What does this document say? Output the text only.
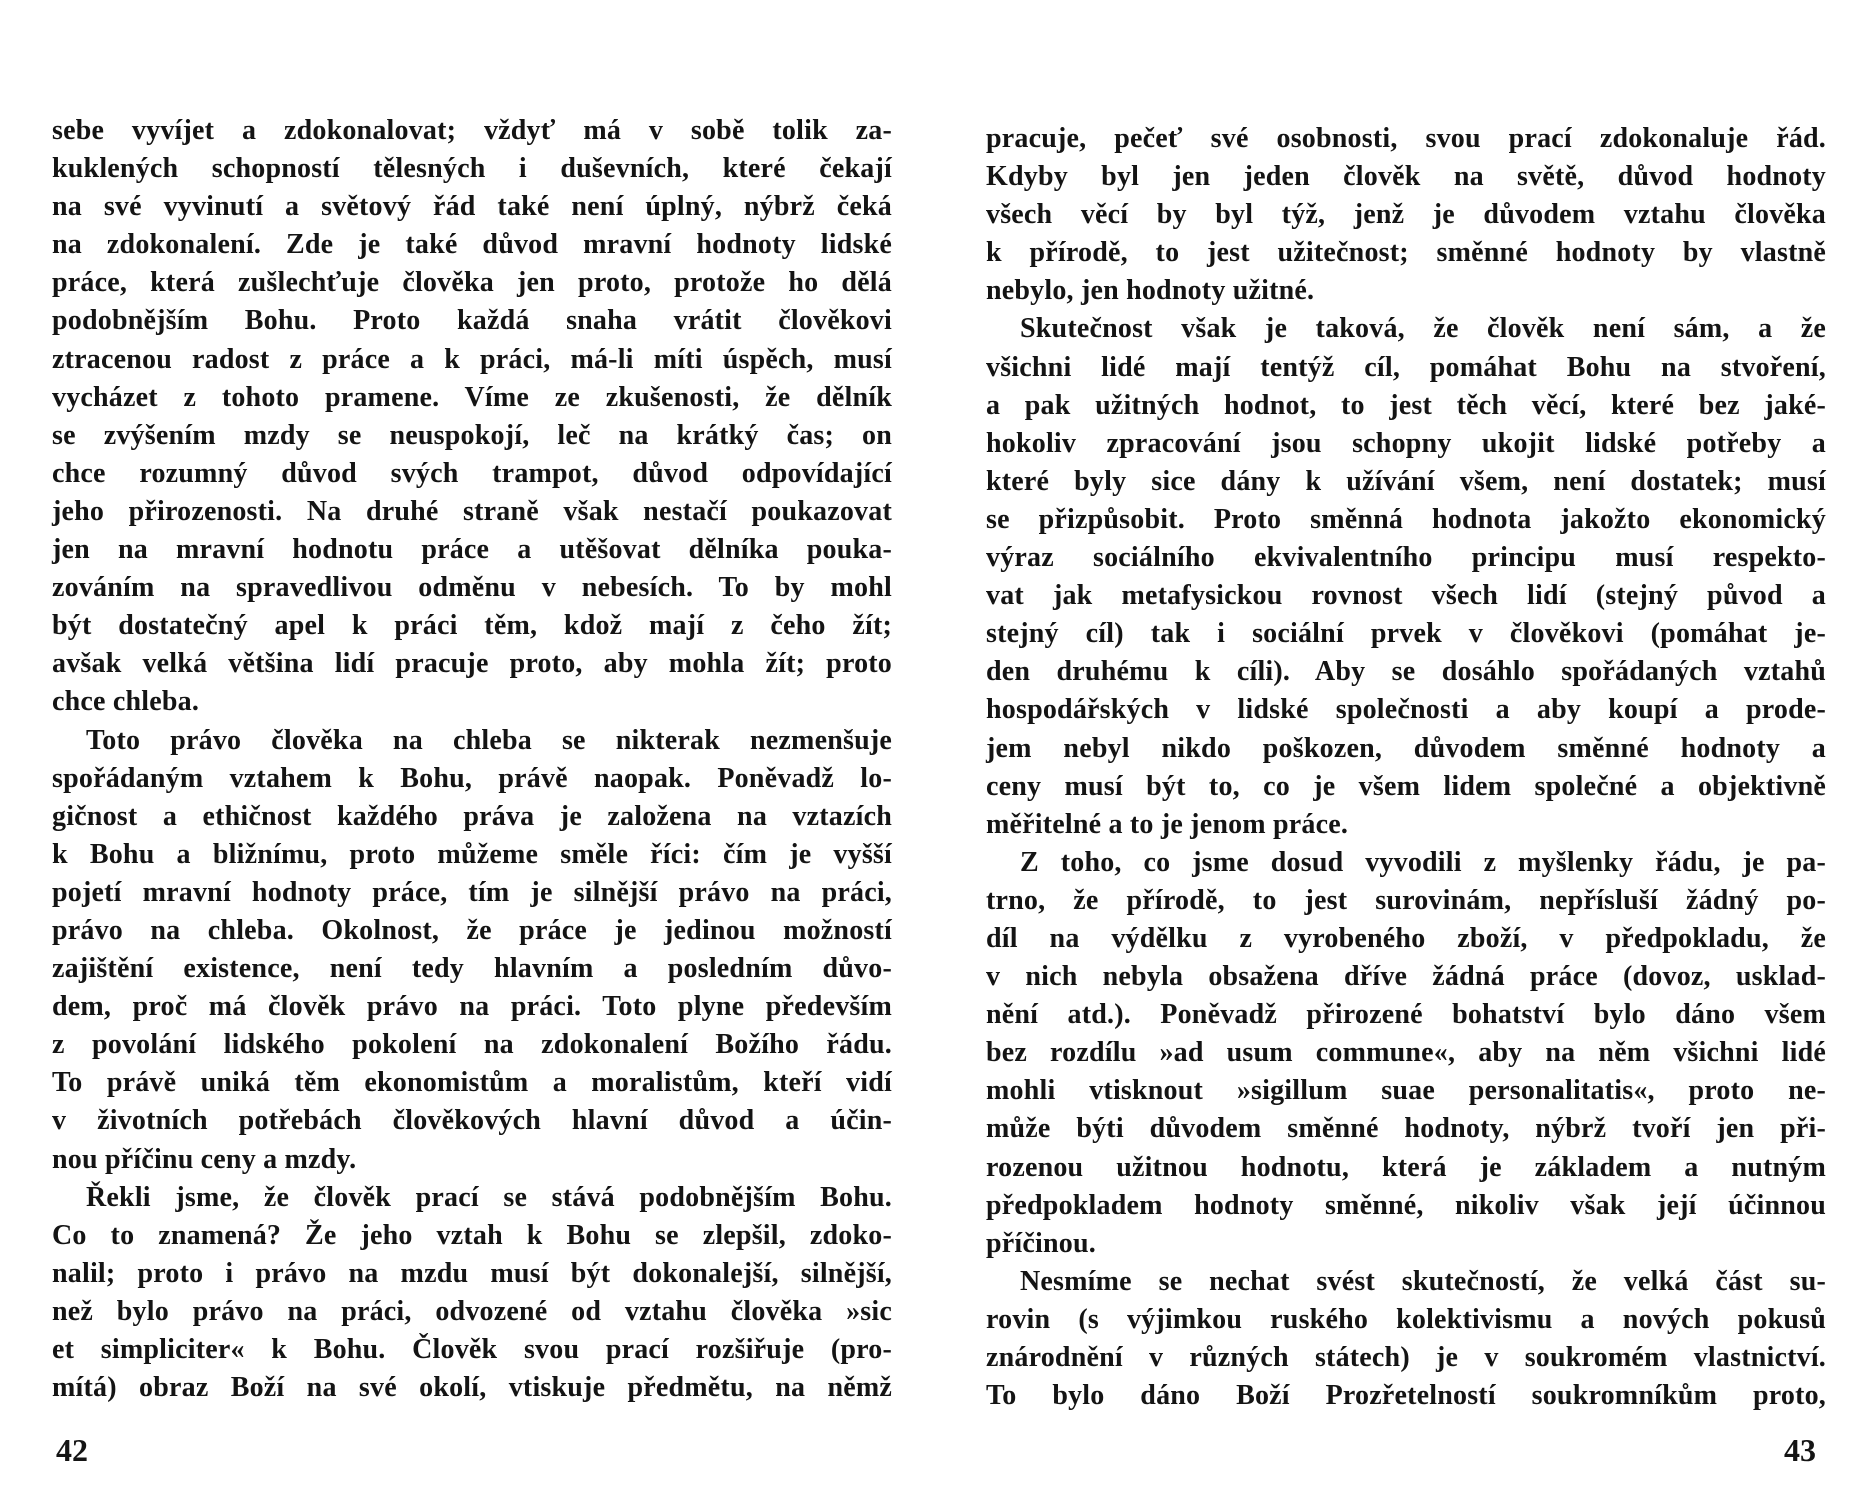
sebe vyvíjet a zdokonalovat; vždyť má v sobě tolik za-
kuklených schopností tělesných i duševních, které čekají
na své vyvinutí a světový řád také není úplný, nýbrž čeká
na zdokonalení. Zde je také důvod mravní hodnoty lidské
práce, která zušlechťuje člověka jen proto, protože ho dělá
podobnějším Bohu. Proto každá snaha vrátit člověkovi
ztracenou radost z práce a k práci, má-li míti úspěch, musí
vycházet z tohoto pramene. Víme ze zkušenosti, že dělník
se zvýšením mzdy se neuspokojí, leč na krátký čas; on
chce rozumný důvod svých trampot, důvod odpovídající
jeho přirozenosti. Na druhé straně však nestačí poukazovat
jen na mravní hodnotu práce a utěšovat dělníka pouka-
zováním na spravedlivou odměnu v nebesích. To by mohl
být dostatečný apel k práci těm, kdož mají z čeho žít;
avšak velká většina lidí pracuje proto, aby mohla žít; proto
chce chleba.
Toto právo člověka na chleba se nikterak nezmenšuje
spořádaným vztahem k Bohu, právě naopak. Poněvadž lo-
gičnost a ethičnost každého práva je založena na vztazích
k Bohu a bližnímu, proto můžeme směle říci: čím je vyšší
pojetí mravní hodnoty práce, tím je silnější právo na práci,
právo na chleba. Okolnost, že práce je jedinou možností
zajištění existence, není tedy hlavním a posledním důvo-
dem, proč má člověk právo na práci. Toto plyne především
z povolání lidského pokolení na zdokonalení Božího řádu.
To právě uniká těm ekonomistům a moralistům, kteří vidí
v životních potřebách člověkových hlavní důvod a účin-
nou příčinu ceny a mzdy.
Řekli jsme, že člověk prací se stává podobnějším Bohu.
Co to znamená? Že jeho vztah k Bohu se zlepšil, zdoko-
nalil; proto i právo na mzdu musí být dokonalejší, silnější,
než bylo právo na práci, odvozené od vztahu člověka »sic
et simpliciter« k Bohu. Člověk svou prací rozšiřuje (pro-
mítá) obraz Boží na své okolí, vtiskuje předmětu, na němž
42
pracuje, pečeť své osobnosti, svou prací zdokonaluje řád.
Kdyby byl jen jeden člověk na světě, důvod hodnoty
všech věcí by byl týž, jenž je důvodem vztahu člověka
k přírodě, to jest užitečnost; směnné hodnoty by vlastně
nebylo, jen hodnoty užitné.
Skutečnost však je taková, že člověk není sám, a že
všichni lidé mají tentýž cíl, pomáhat Bohu na stvoření,
a pak užitných hodnot, to jest těch věcí, které bez jaké-
hokoliv zpracování jsou schopny ukojit lidské potřeby a
které byly sice dány k užívání všem, není dostatek; musí
se přizpůsobit. Proto směnná hodnota jakožto ekonomický
výraz sociálního ekvivalentního principu musí respekto-
vat jak metafysickou rovnost všech lidí (stejný původ a
stejný cíl) tak i sociální prvek v člověkovi (pomáhat je-
den druhému k cíli). Aby se dosáhlo spořádaných vztahů
hospodářských v lidské společnosti a aby koupí a prode-
jem nebyl nikdo poškozen, důvodem směnné hodnoty a
ceny musí být to, co je všem lidem společné a objektivně
měřitelné a to je jenom práce.
Z toho, co jsme dosud vyvodili z myšlenky řádu, je pa-
trno, že přírodě, to jest surovinám, nepřísluší žádný po-
díl na výdělku z vyrobeného zboží, v předpokladu, že
v nich nebyla obsažena dříve žádná práce (dovoz, usklad-
nění atd.). Poněvadž přirozené bohatství bylo dáno všem
bez rozdílu »ad usum commune«, aby na něm všichni lidé
mohli vtisknout »sigillum suae personalitatis«, proto ne-
může býti důvodem směnné hodnoty, nýbrž tvoří jen při-
rozenou užitnou hodnotu, která je základem a nutným
předpokladem hodnoty směnné, nikoliv však její účinnou
příčinou.
Nesmíme se nechat svést skutečností, že velká část su-
rovin (s výjimkou ruského kolektivismu a nových pokusů
znárodnění v různých státech) je v soukromém vlastnictví.
To bylo dáno Boží Prozřetelností soukromníkům proto,
43
